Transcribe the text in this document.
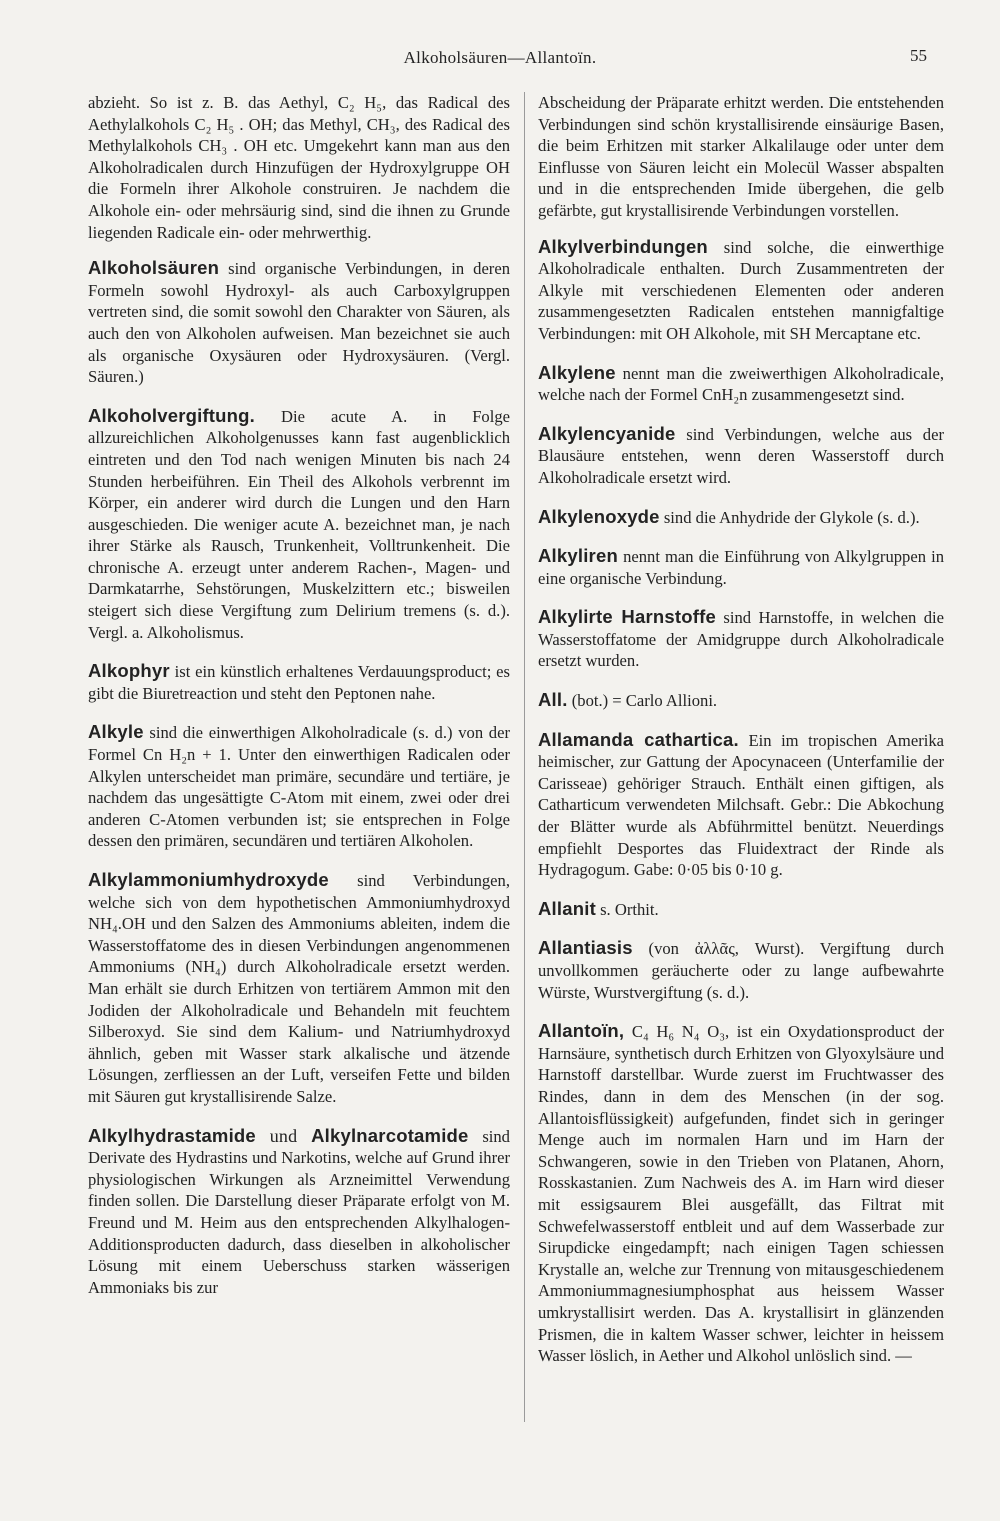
Alkoholsäuren—Allantoïn.	55

abzieht. So ist z. B. das Aethyl, C₂ H₅, das Radical des Aethylalkohols C₂ H₅ . OH; das Methyl, CH₃, des Radical des Methylalkohols CH₃ . OH etc. Umgekehrt kann man aus den Alkoholradicalen durch Hinzufügen der Hydroxylgruppe OH die Formeln ihrer Alkohole construiren. Je nachdem die Alkohole ein- oder mehrsäurig sind, sind die ihnen zu Grunde liegenden Radicale ein- oder mehrwerthig.

Alkoholsäuren sind organische Verbindungen, in deren Formeln sowohl Hydroxyl- als auch Carboxylgruppen vertreten sind, die somit sowohl den Charakter von Säuren, als auch den von Alkoholen aufweisen. Man bezeichnet sie auch als organische Oxysäuren oder Hydroxysäuren. (Vergl. Säuren.)

Alkoholvergiftung. Die acute A. in Folge allzureichlichen Alkoholgenusses kann fast augenblicklich eintreten und den Tod nach wenigen Minuten bis nach 24 Stunden herbeiführen. Ein Theil des Alkohols verbrennt im Körper, ein anderer wird durch die Lungen und den Harn ausgeschieden. Die weniger acute A. bezeichnet man, je nach ihrer Stärke als Rausch, Trunkenheit, Volltrunkenheit. Die chronische A. erzeugt unter anderem Rachen-, Magen- und Darmkatarrhe, Sehstörungen, Muskelzittern etc.; bisweilen steigert sich diese Vergiftung zum Delirium tremens (s. d.). Vergl. a. Alkoholismus.

Alkophyr ist ein künstlich erhaltenes Verdauungsproduct; es gibt die Biuretreaction und steht den Peptonen nahe.

Alkyle sind die einwerthigen Alkoholradicale (s. d.) von der Formel Cn H₂n + 1. Unter den einwerthigen Radicalen oder Alkylen unterscheidet man primäre, secundäre und tertiäre, je nachdem das ungesättigte C-Atom mit einem, zwei oder drei anderen C-Atomen verbunden ist; sie entsprechen in Folge dessen den primären, secundären und tertiären Alkoholen.

Alkylammoniumhydroxyde sind Verbindungen, welche sich von dem hypothetischen Ammoniumhydroxyd NH₄.OH und den Salzen des Ammoniums ableiten, indem die Wasserstoffatome des in diesen Verbindungen angenommenen Ammoniums (NH₄) durch Alkoholradicale ersetzt werden. Man erhält sie durch Erhitzen von tertiärem Ammon mit den Jodiden der Alkoholradicale und Behandeln mit feuchtem Silberoxyd. Sie sind dem Kalium- und Natriumhydroxyd ähnlich, geben mit Wasser stark alkalische und ätzende Lösungen, zerfliessen an der Luft, verseifen Fette und bilden mit Säuren gut krystallisirende Salze.

Alkylhydrastamide und Alkylnarcotamide sind Derivate des Hydrastins und Narkotins, welche auf Grund ihrer physiologischen Wirkungen als Arzneimittel Verwendung finden sollen. Die Darstellung dieser Präparate erfolgt von M. Freund und M. Heim aus den entsprechenden Alkylhalogen-Additionsproducten dadurch, dass dieselben in alkoholischer Lösung mit einem Ueberschuss starken wässerigen Ammoniaks bis zur

Abscheidung der Präparate erhitzt werden. Die entstehenden Verbindungen sind schön krystallisirende einsäurige Basen, die beim Erhitzen mit starker Alkalilauge oder unter dem Einflusse von Säuren leicht ein Molecül Wasser abspalten und in die entsprechenden Imide übergehen, die gelb gefärbte, gut krystallisirende Verbindungen vorstellen.

Alkylverbindungen sind solche, die einwerthige Alkoholradicale enthalten. Durch Zusammentreten der Alkyle mit verschiedenen Elementen oder anderen zusammengesetzten Radicalen entstehen mannigfaltige Verbindungen: mit OH Alkohole, mit SH Mercaptane etc.

Alkylene nennt man die zweiwerthigen Alkoholradicale, welche nach der Formel CnH₂n zusammengesetzt sind.

Alkylencyanide sind Verbindungen, welche aus der Blausäure entstehen, wenn deren Wasserstoff durch Alkoholradicale ersetzt wird.

Alkylenoxyde sind die Anhydride der Glykole (s. d.).

Alkyliren nennt man die Einführung von Alkylgruppen in eine organische Verbindung.

Alkylirte Harnstoffe sind Harnstoffe, in welchen die Wasserstoffatome der Amidgruppe durch Alkoholradicale ersetzt wurden.

All. (bot.) = Carlo Allioni.

Allamanda cathartica. Ein im tropischen Amerika heimischer, zur Gattung der Apocynaceen (Unterfamilie der Carisseae) gehöriger Strauch. Enthält einen giftigen, als Catharticum verwendeten Milchsaft. Gebr.: Die Abkochung der Blätter wurde als Abführmittel benützt. Neuerdings empfiehlt Desportes das Fluidextract der Rinde als Hydragogum. Gabe: 0·05 bis 0·10 g.

Allanit s. Orthit.

Allantiasis (von ἀλλᾶς, Wurst). Vergiftung durch unvollkommen geräucherte oder zu lange aufbewahrte Würste, Wurstvergiftung (s. d.).

Allantoïn, C₄ H₆ N₄ O₃, ist ein Oxydationsproduct der Harnsäure, synthetisch durch Erhitzen von Glyoxylsäure und Harnstoff darstellbar. Wurde zuerst im Fruchtwasser des Rindes, dann in dem des Menschen (in der sog. Allantoisflüssigkeit) aufgefunden, findet sich in geringer Menge auch im normalen Harn und im Harn der Schwangeren, sowie in den Trieben von Platanen, Ahorn, Rosskastanien. Zum Nachweis des A. im Harn wird dieser mit essigsaurem Blei ausgefällt, das Filtrat mit Schwefelwasserstoff entbleit und auf dem Wasserbade zur Sirupdicke eingedampft; nach einigen Tagen schiessen Krystalle an, welche zur Trennung von mitausgeschiedenem Ammoniummagnesiumphosphat aus heissem Wasser umkrystallisirt werden. Das A. krystallisirt in glänzenden Prismen, die in kaltem Wasser schwer, leichter in heissem Wasser löslich, in Aether und Alkohol unlöslich sind. —
